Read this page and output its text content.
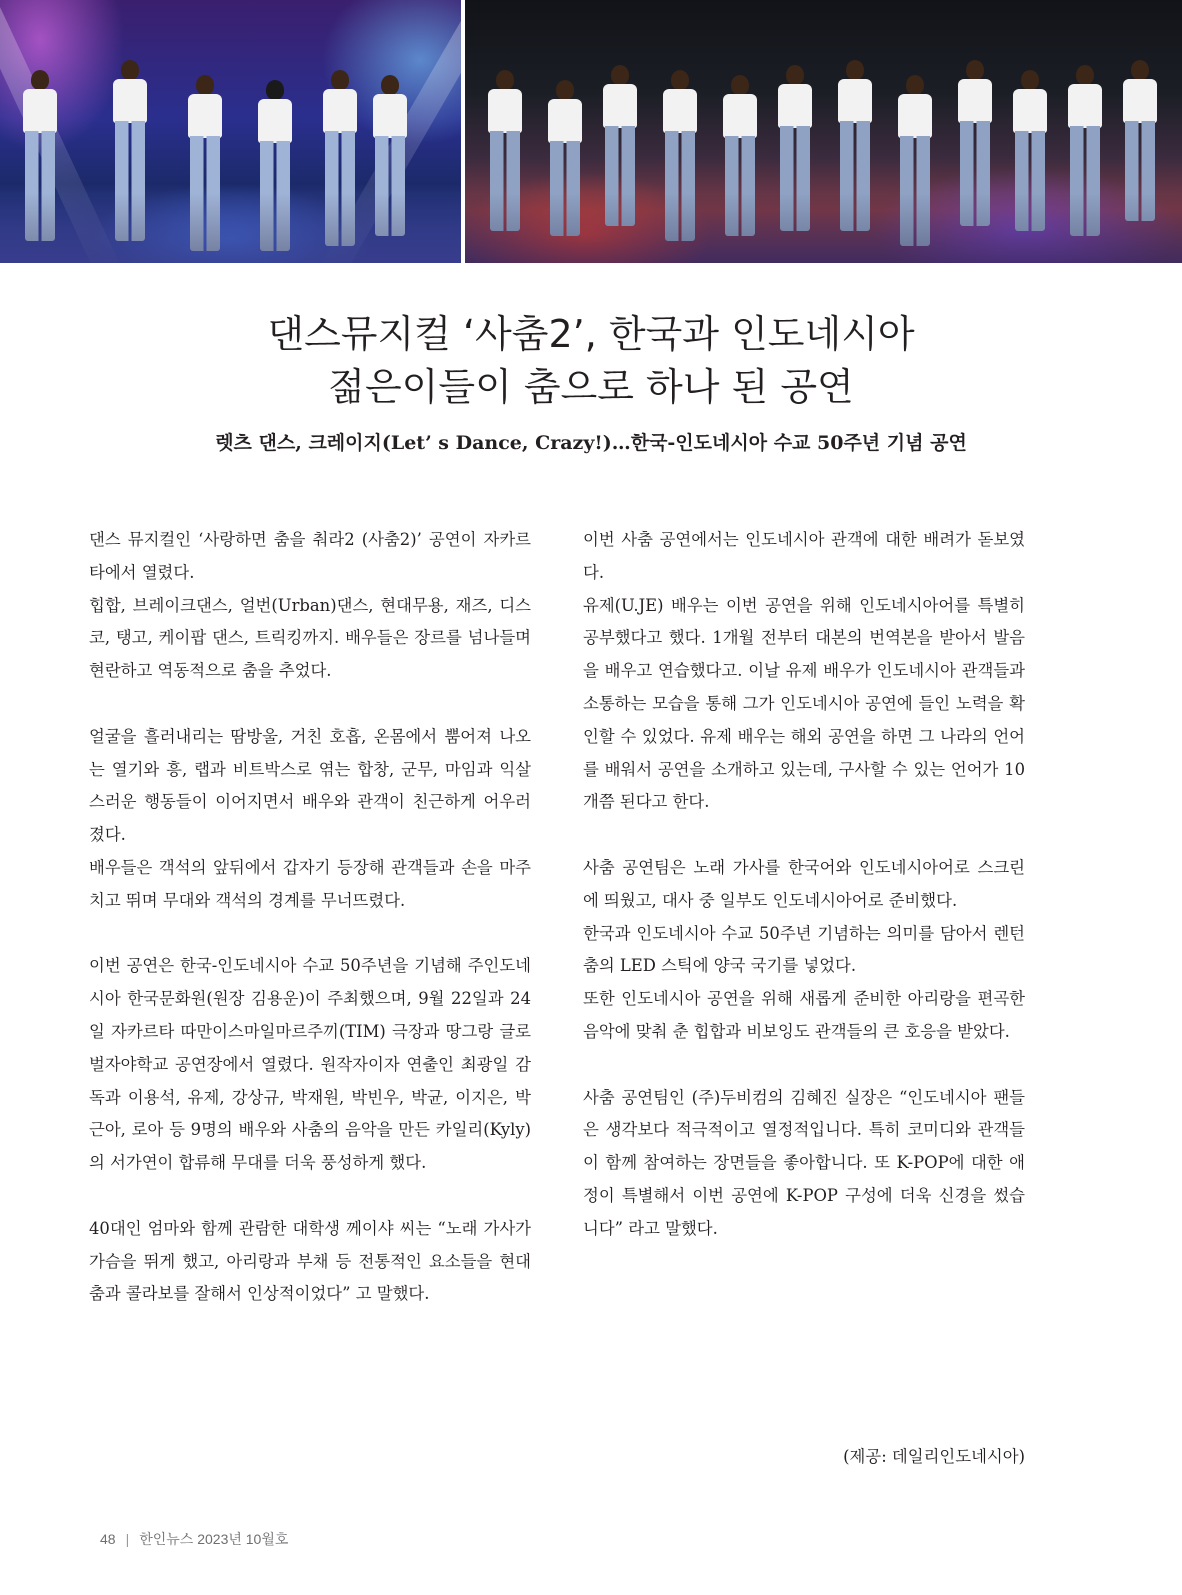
댄스뮤지컬 ‘사춤2’, 한국과 인도네시아
젊은이들이 춤으로 하나 된 공연
렛츠 댄스, 크레이지(Let’ s Dance, Crazy!)…한국-인도네시아 수교 50주년 기념 공연

댄스 뮤지컬인 ‘사랑하면 춤을 춰라2 (사춤2)’ 공연이 자카르타에서 열렸다.

힙합, 브레이크댄스, 얼번(Urban)댄스, 현대무용, 재즈, 디스코, 탱고, 케이팝 댄스, 트릭킹까지. 배우들은 장르를 넘나들며 현란하고 역동적으로 춤을 추었다.

얼굴을 흘러내리는 땀방울, 거친 호흡, 온몸에서 뿜어져 나오는 열기와 흥, 랩과 비트박스로 엮는 합창, 군무, 마임과 익살스러운 행동들이 이어지면서 배우와 관객이 친근하게 어우러졌다.

배우들은 객석의 앞뒤에서 갑자기 등장해 관객들과 손을 마주치고 뛰며 무대와 객석의 경계를 무너뜨렸다.

이번 공연은 한국-인도네시아 수교 50주년을 기념해 주인도네시아 한국문화원(원장 김용운)이 주최했으며, 9월 22일과 24일 자카르타 따만이스마일마르주끼(TIM) 극장과 땅그랑 글로벌자야학교 공연장에서 열렸다. 원작자이자 연출인 최광일 감독과 이용석, 유제, 강상규, 박재원, 박빈우, 박균, 이지은, 박근아, 로아 등 9명의 배우와 사춤의 음악을 만든 카일리(Kyly)의 서가연이 합류해 무대를 더욱 풍성하게 했다.

40대인 엄마와 함께 관람한 대학생 께이샤 씨는 “노래 가사가 가슴을 뛰게 했고, 아리랑과 부채 등 전통적인 요소들을 현대춤과 콜라보를 잘해서 인상적이었다” 고 말했다.

이번 사춤 공연에서는 인도네시아 관객에 대한 배려가 돋보였다.

유제(U.JE) 배우는 이번 공연을 위해 인도네시아어를 특별히 공부했다고 했다. 1개월 전부터 대본의 번역본을 받아서 발음을 배우고 연습했다고. 이날 유제 배우가 인도네시아 관객들과 소통하는 모습을 통해 그가 인도네시아 공연에 들인 노력을 확인할 수 있었다. 유제 배우는 해외 공연을 하면 그 나라의 언어를 배워서 공연을 소개하고 있는데, 구사할 수 있는 언어가 10개쯤 된다고 한다.

사춤 공연팀은 노래 가사를 한국어와 인도네시아어로 스크린에 띄웠고, 대사 중 일부도 인도네시아어로 준비했다.

한국과 인도네시아 수교 50주년 기념하는 의미를 담아서 렌턴춤의 LED 스틱에 양국 국기를 넣었다.

또한 인도네시아 공연을 위해 새롭게 준비한 아리랑을 편곡한 음악에 맞춰 춘 힙합과 비보잉도 관객들의 큰 호응을 받았다.

사춤 공연팀인 (주)두비컴의 김혜진 실장은 “인도네시아 팬들은 생각보다 적극적이고 열정적입니다. 특히 코미디와 관객들이 함께 참여하는 장면들을 좋아합니다. 또 K-POP에 대한 애정이 특별해서 이번 공연에 K-POP 구성에 더욱 신경을 썼습니다” 라고 말했다.

(제공: 데일리인도네시아)

48 | 한인뉴스 2023년 10월호
